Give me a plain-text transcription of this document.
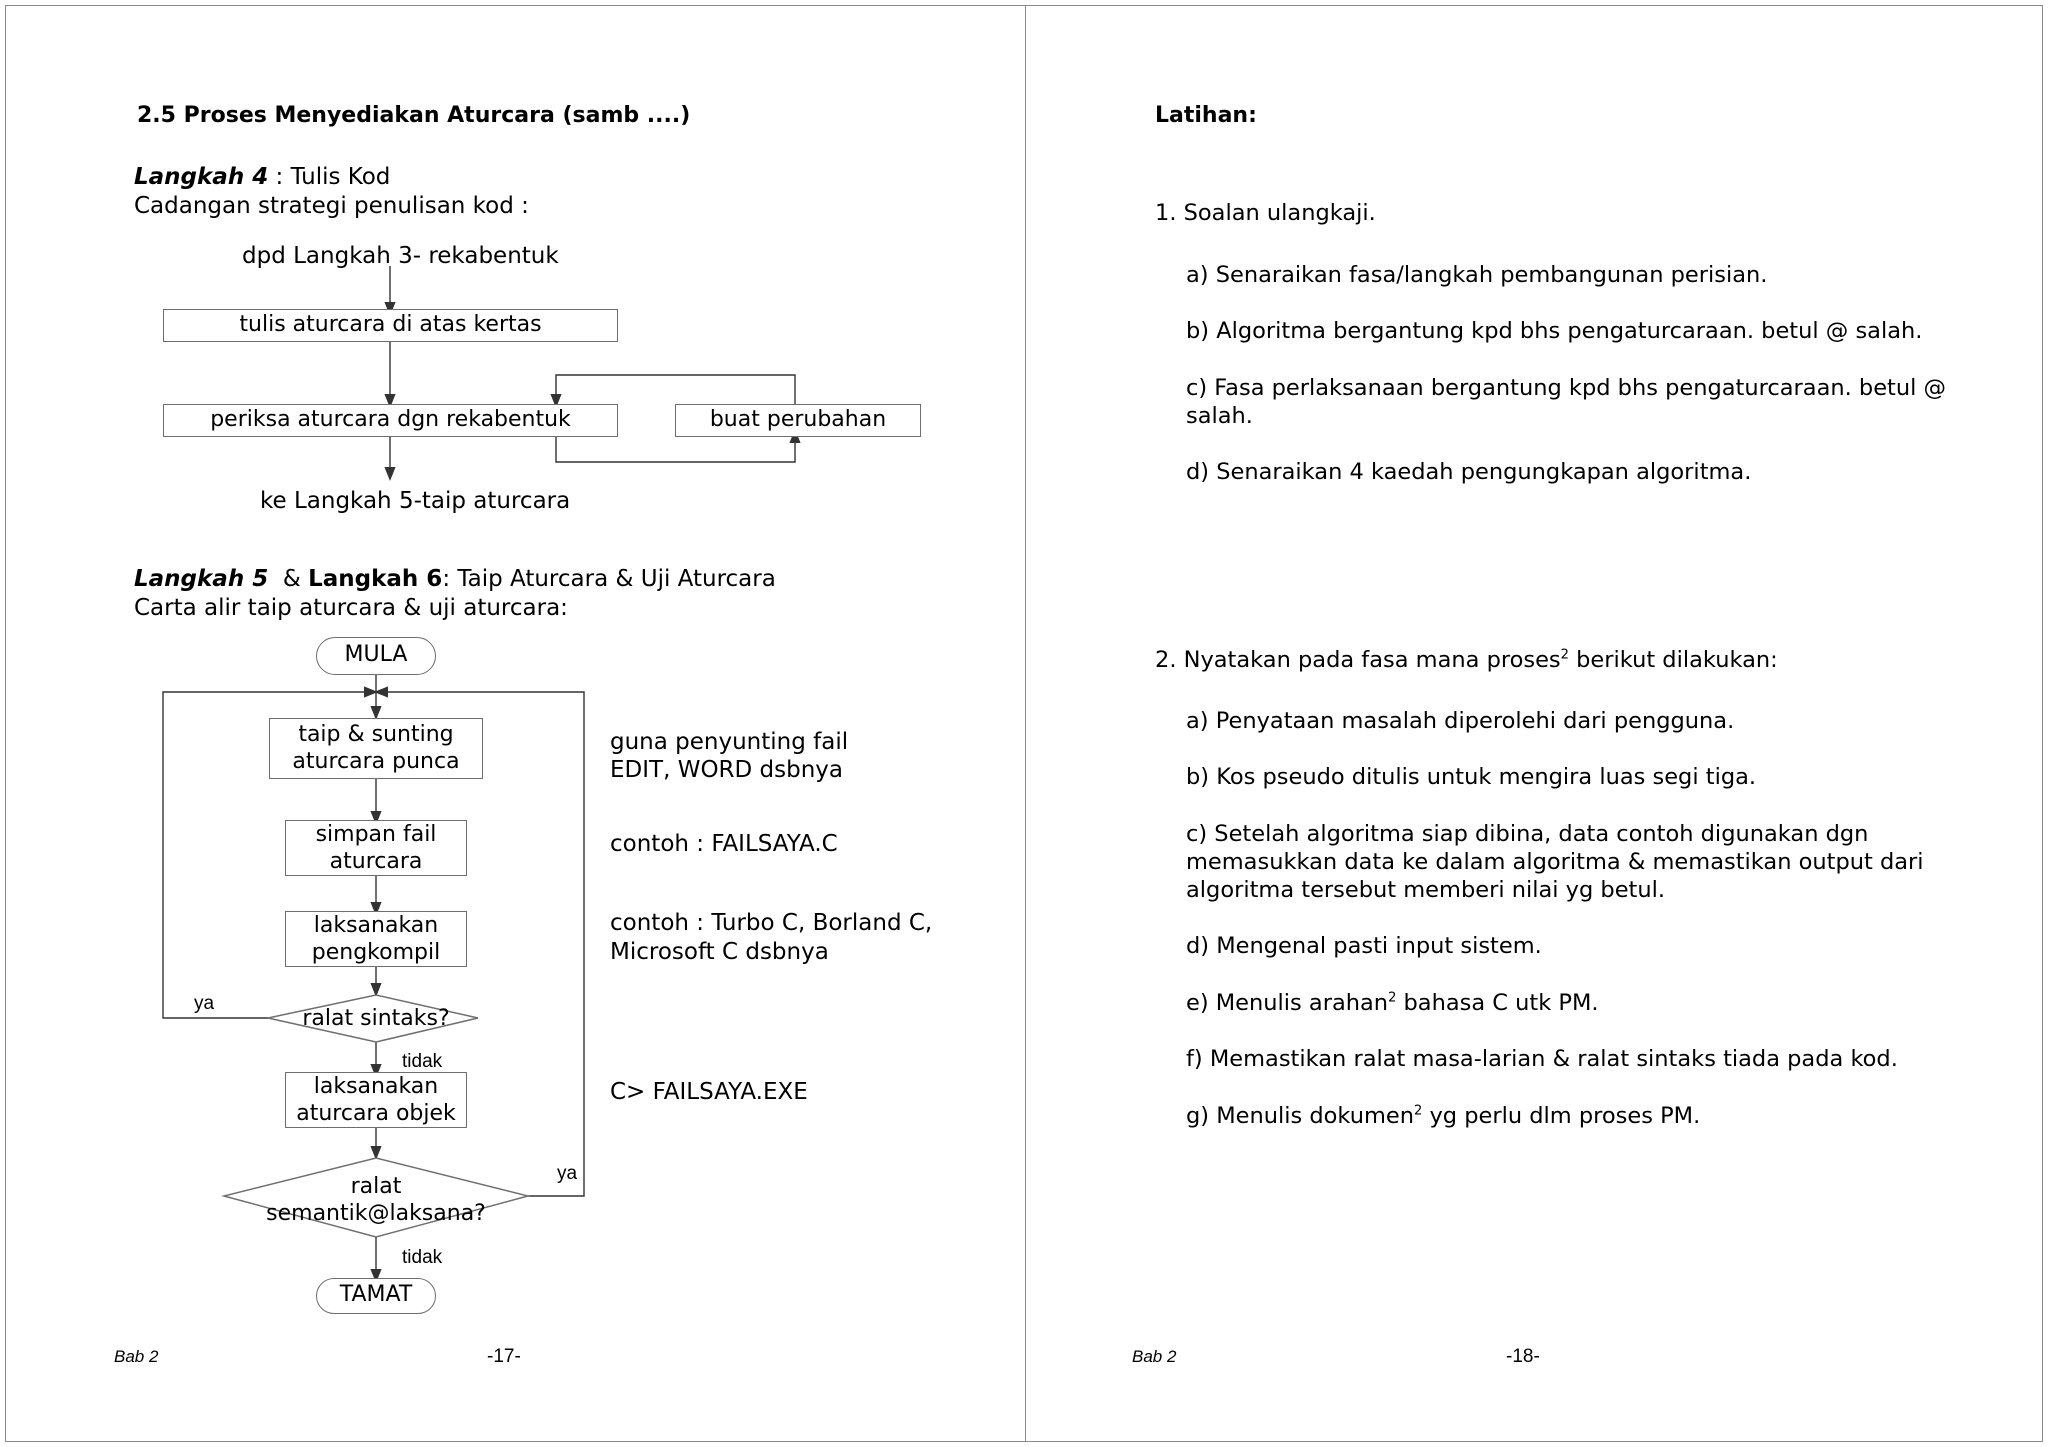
2.5 Proses Menyediakan Aturcara (samb ....)
Langkah 4 : Tulis Kod
Cadangan strategi penulisan kod :
dpd Langkah 3- rekabentuk
tulis aturcara di atas kertas
periksa aturcara dgn rekabentuk	buat perubahan
ke Langkah 5-taip aturcara
Langkah 5 & Langkah 6: Taip Aturcara & Uji Aturcara
Carta alir taip aturcara & uji aturcara:
MULA
taip & sunting
aturcara punca
simpan fail
aturcara
laksanakan
pengkompil
ralat sintaks?
ya
tidak
laksanakan
aturcara objek
ralat
semantik@laksana?
ya
tidak
TAMAT
guna penyunting fail
EDIT, WORD dsbnya
contoh : FAILSAYA.C
contoh : Turbo C, Borland C,
Microsoft C dsbnya
C> FAILSAYA.EXE
Bab 2	-17-
Latihan:
1. Soalan ulangkaji.
a) Senaraikan fasa/langkah pembangunan perisian.
b) Algoritma bergantung kpd bhs pengaturcaraan. betul @ salah.
c) Fasa perlaksanaan bergantung kpd bhs pengaturcaraan. betul @
salah.
d) Senaraikan 4 kaedah pengungkapan algoritma.
2. Nyatakan pada fasa mana proses$^2$ berikut dilakukan:
a) Penyataan masalah diperolehi dari pengguna.
b) Kos pseudo ditulis untuk mengira luas segi tiga.
c) Setelah algoritma siap dibina, data contoh digunakan dgn
memasukkan data ke dalam algoritma & memastikan output dari
algoritma tersebut memberi nilai yg betul.
d) Mengenal pasti input sistem.
e) Menulis arahan$^2$ bahasa C utk PM.
f) Memastikan ralat masa-larian & ralat sintaks tiada pada kod.
g) Menulis dokumen$^2$ yg perlu dlm proses PM.
Bab 2	-18-
